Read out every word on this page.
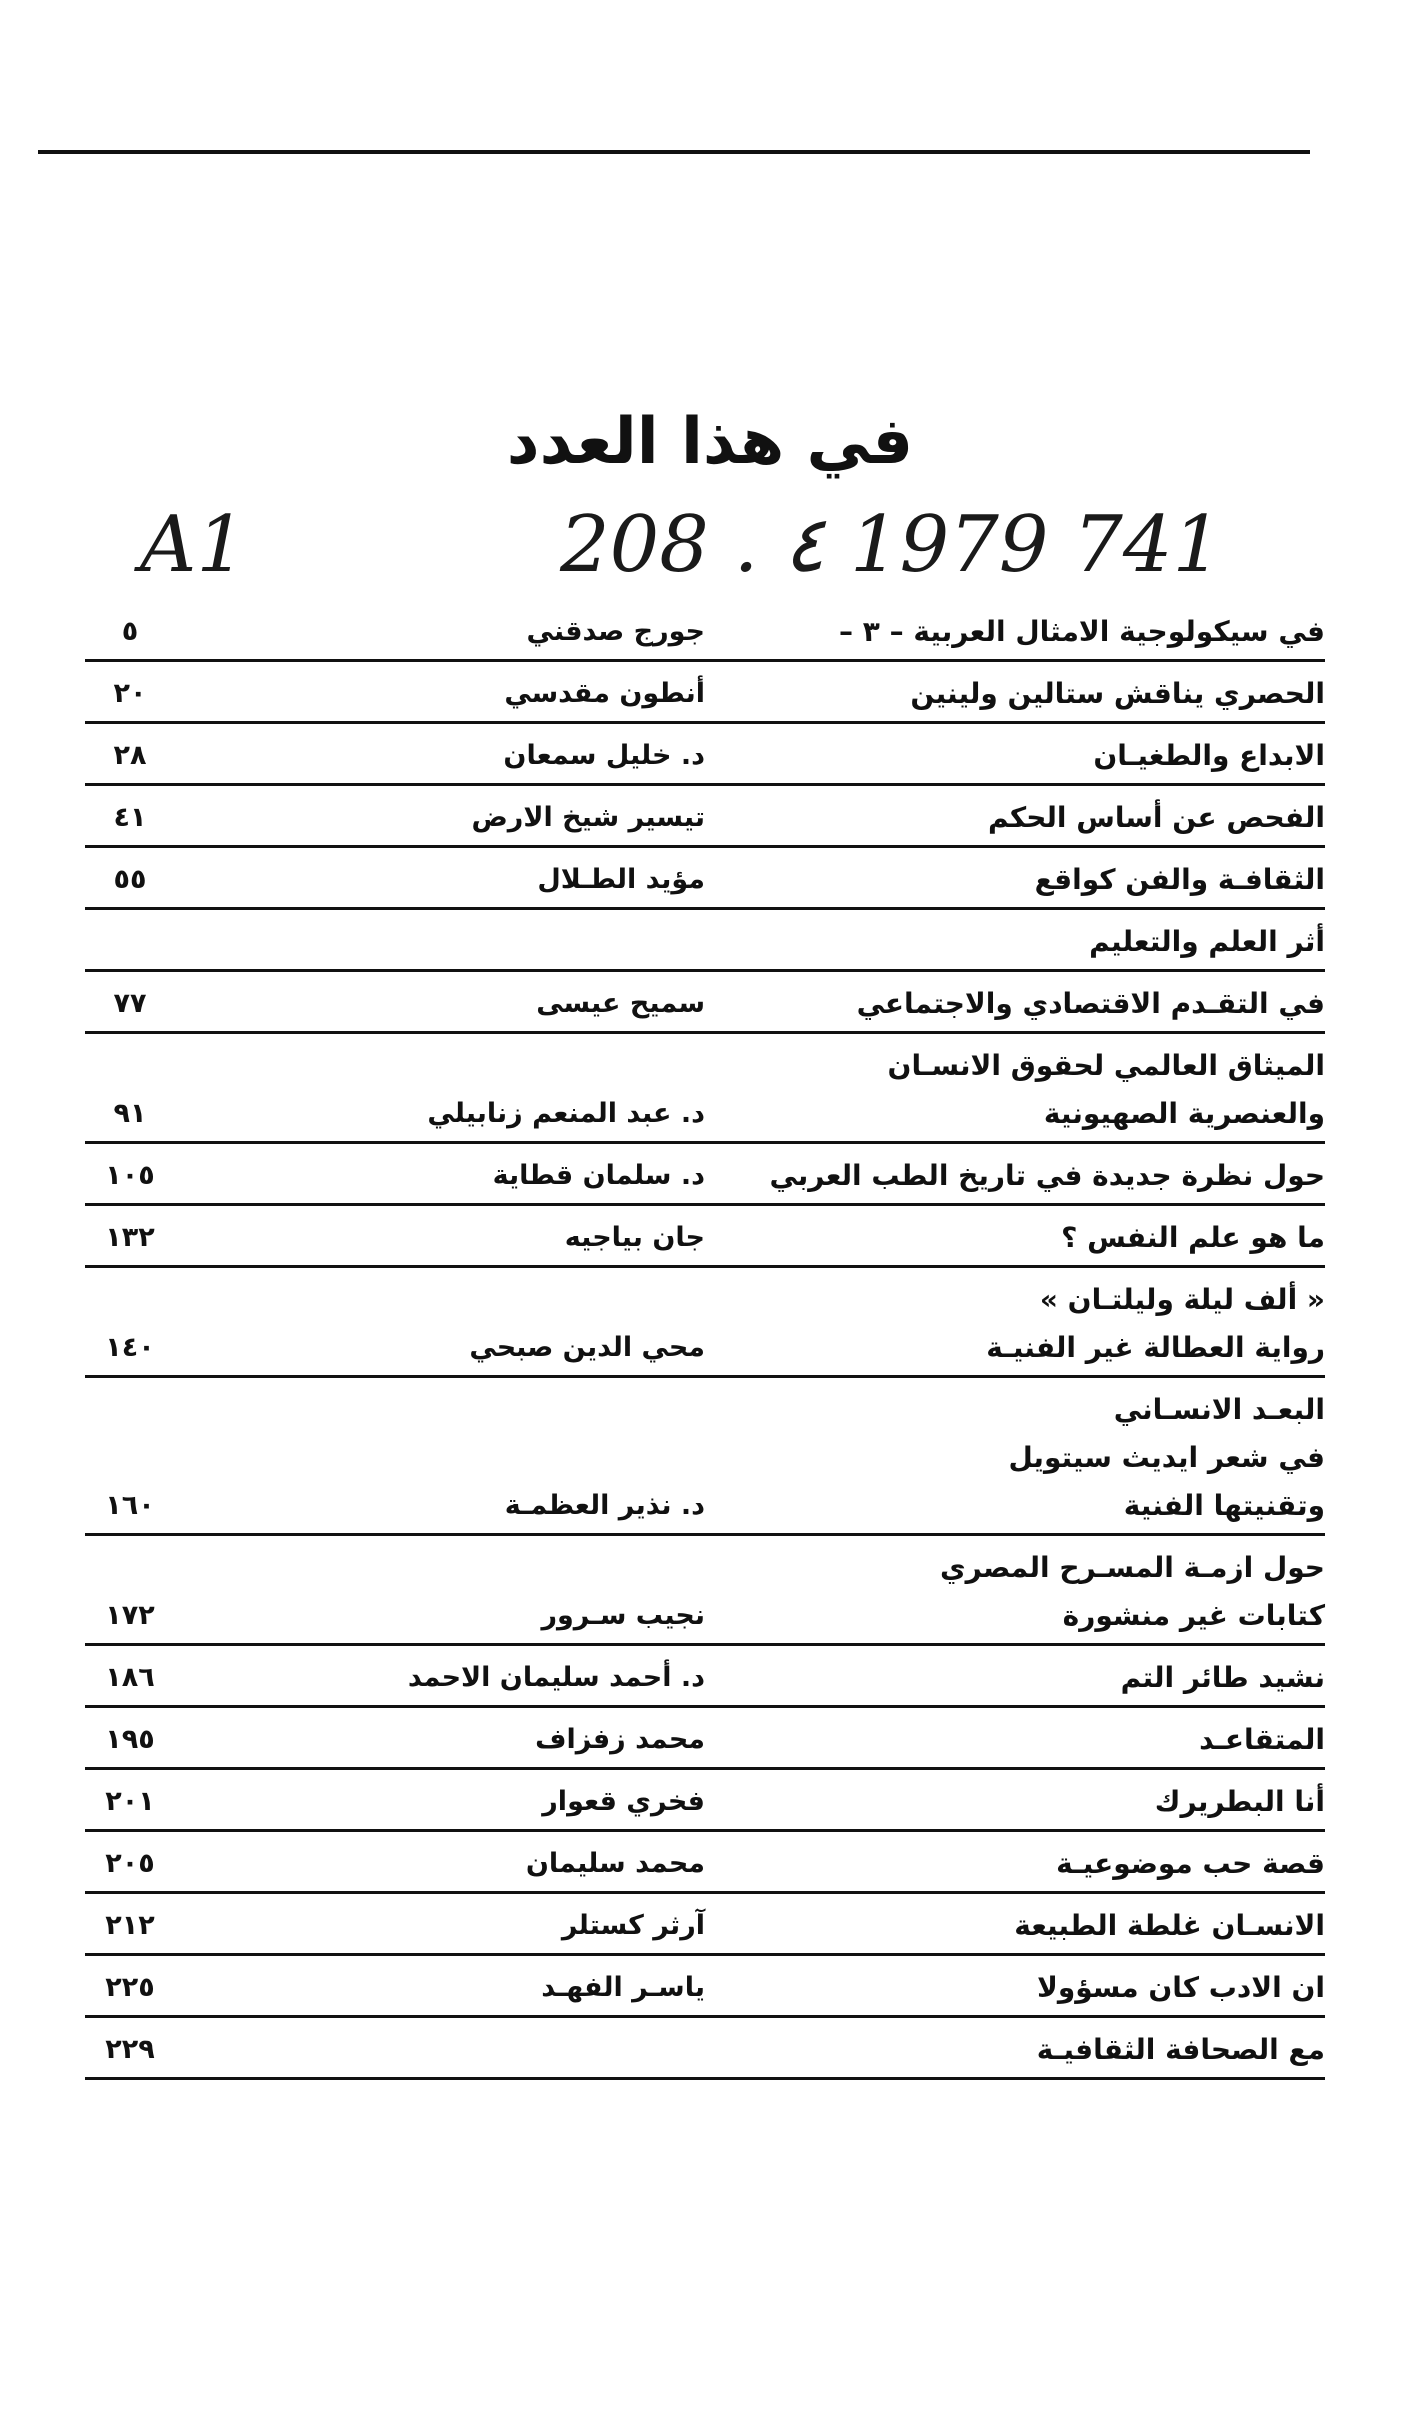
في هذا العدد
A1	208 . ٤ 1979 741
في سيكولوجية الامثال العربية – ٣ –
جورج صدقني
٥
الحصري يناقش ستالين ولينين
أنطون مقدسي
٢٠
الابداع والطغيـان
د. خليل سمعان
٢٨
الفحص عن أساس الحكم
تيسير شيخ الارض
٤١
الثقافـة والفن كواقع
مؤيد الطـلال
٥٥
أثر العلم والتعليم
في التقـدم الاقتصادي والاجتماعي
سميح عيسى
٧٧
الميثاق العالمي لحقوق الانسـان
والعنصرية الصهيونية
د. عبد المنعم زنابيلي
٩١
حول نظرة جديدة في تاريخ الطب العربي
د. سلمان قطاية
١٠٥
ما هو علم النفس ؟
جان بياجيه
١٣٢
« ألف ليلة وليلتـان »
رواية العطالة غير الفنيـة
محي الدين صبحي
١٤٠
البعـد الانسـاني
في شعر ايديث سيتويل
وتقنيتها الفنية
د. نذير العظمـة
١٦٠
حول ازمـة المسـرح المصري
كتابات غير منشورة
نجيب سـرور
١٧٢
نشيد طائر التم
د. أحمد سليمان الاحمد
١٨٦
المتقاعـد
محمد زفزاف
١٩٥
أنا البطريرك
فخري قعوار
٢٠١
قصة حب موضوعيـة
محمد سليمان
٢٠٥
الانسـان غلطة الطبيعة
آرثر كستلر
٢١٢
ان الادب كان مسؤولا
ياسـر الفهـد
٢٢٥
مع الصحافة الثقافيـة
٢٢٩
